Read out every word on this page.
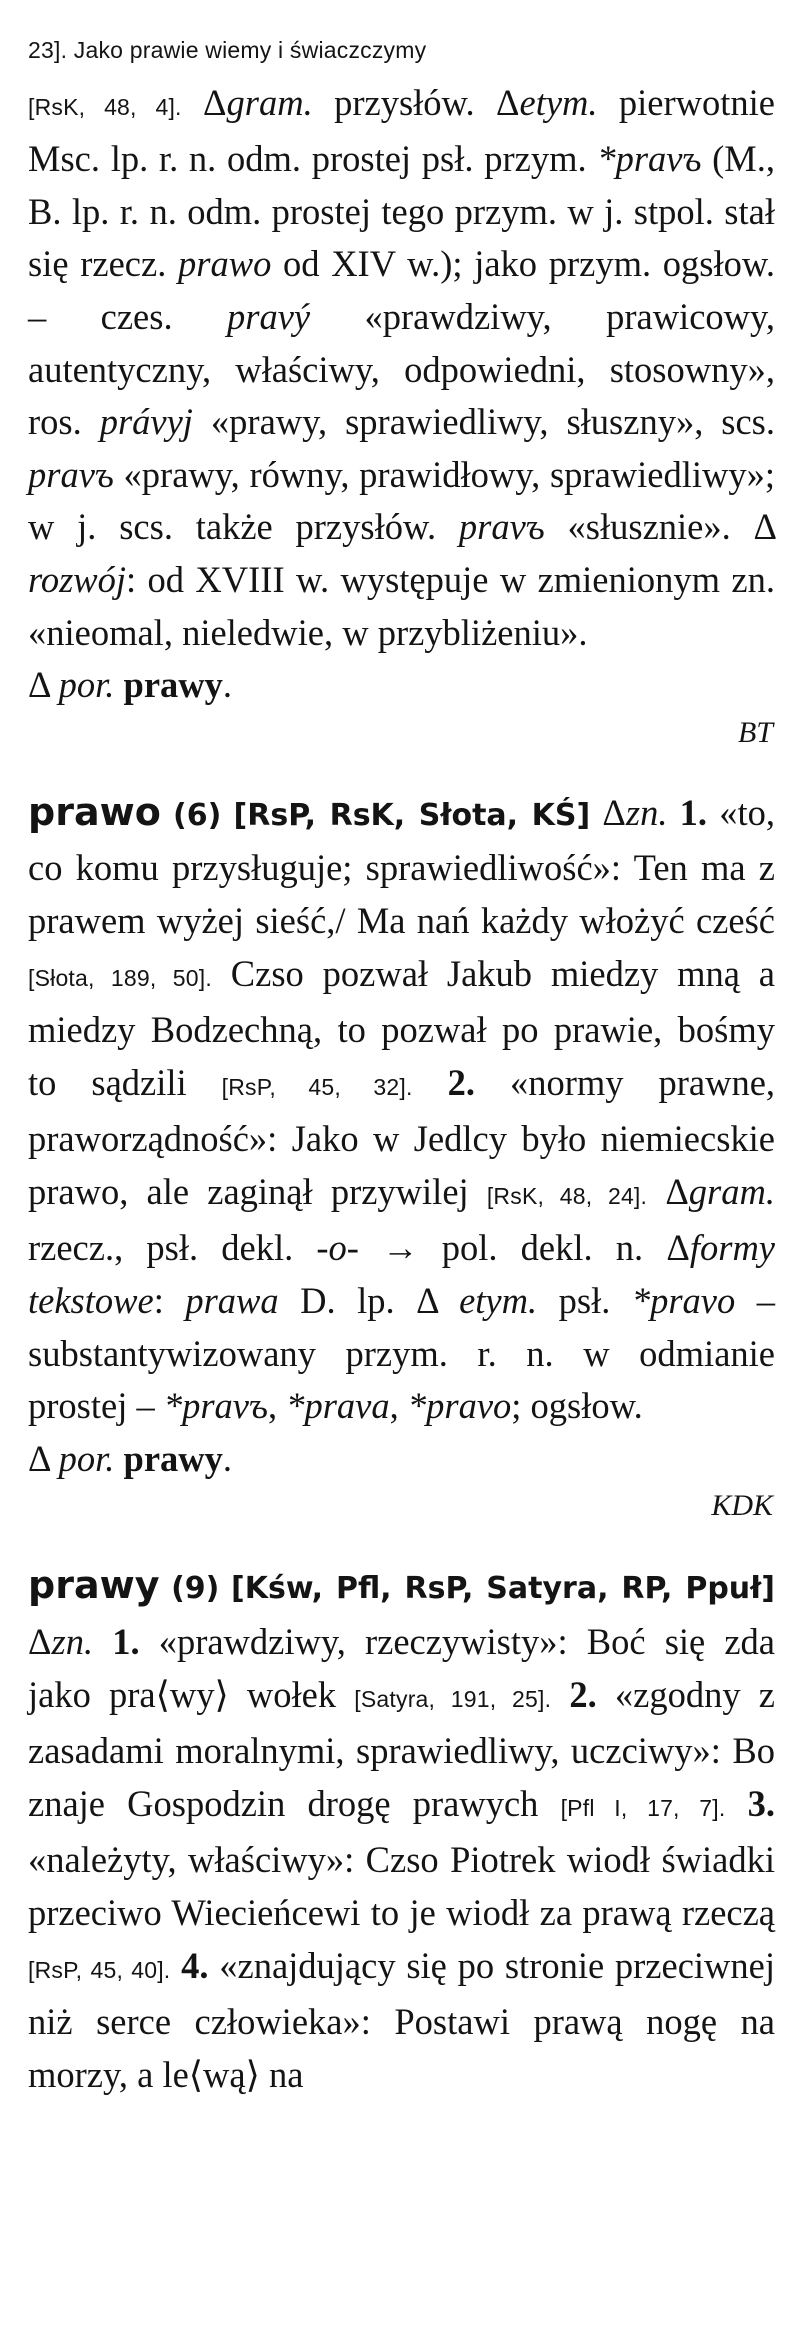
23]. Jako prawie wiemy i świaczczymy

[RsK, 48, 4]. Δgram. przysłów. Δetym. pierwotnie Msc. lp. r. n. odm. prostej psł. przym. *pravъ (M., B. lp. r. n. odm. prostej tego przym. w j. stpol. stał się rzecz. prawo od XIV w.); jako przym. ogsłow. – czes. pravý «prawdziwy, prawicowy, autentyczny, właściwy, odpowiedni, stosowny», ros. právyj «prawy, sprawiedliwy, słuszny», scs. pravъ «prawy, równy, prawidłowy, sprawiedliwy»; w j. scs. także przysłów. pravъ «słusznie». Δ rozwój: od XVIII w. występuje w zmienionym zn. «nieomal, nieledwie, w przybliżeniu».

Δ por. prawy.

BT

prawo (6) [RsP, RsK, Słota, KŚ] Δzn. 1. «to, co komu przysługuje; sprawiedliwość»: Ten ma z prawem wyżej sieść,/ Ma nań każdy włożyć cześć [Słota, 189, 50]. Czso pozwał Jakub miedzy mną a miedzy Bodzechną, to pozwał po prawie, bośmy to sądzili [RsP, 45, 32]. 2. «normy prawne, praworządność»: Jako w Jedlcy było niemiecskie prawo, ale zaginął przywilej [RsK, 48, 24]. Δgram. rzecz., psł. dekl. -o- → pol. dekl. n. Δformy tekstowe: prawa D. lp. Δ etym. psł. *pravo – substantywizowany przym. r. n. w odmianie prostej – *pravъ, *prava, *pravo; ogsłow.

Δ por. prawy.

KDK

prawy (9) [Kśw, Pfl, RsP, Satyra, RP, Ppuł] Δzn. 1. «prawdziwy, rzeczywisty»: Boć się zda jako pra⟨wy⟩ wołek [Satyra, 191, 25]. 2. «zgodny z zasadami moralnymi, sprawiedliwy, uczciwy»: Bo znaje Gospodzin drogę prawych [Pfl I, 17, 7]. 3. «należyty, właściwy»: Czso Piotrek wiodł świadki przeciwo Wiecieńcewi to je wiodł za prawą rzeczą [RsP, 45, 40]. 4. «znajdujący się po stronie przeciwnej niż serce człowieka»: Postawi prawą nogę na morzy, a le⟨wą⟩ na
